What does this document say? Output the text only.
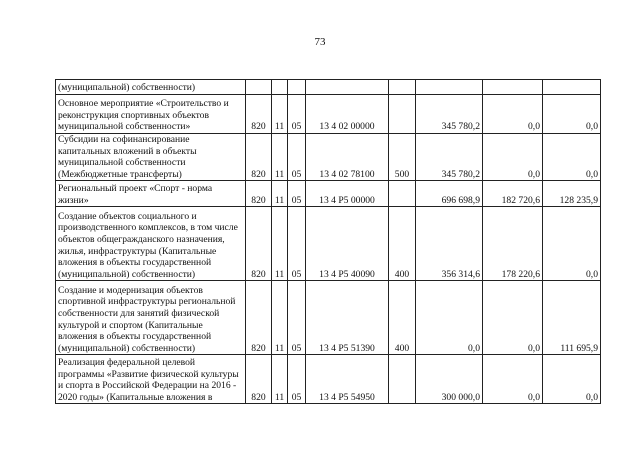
73
(муниципальной) собственности)								
Основное мероприятие «Строительство и реконструкция спортивных объектов муниципальной собственности»	820	11	05	13 4 02 00000		345 780,2	0,0	0,0
Субсидии на софинансирование капитальных вложений в объекты муниципальной собственности (Межбюджетные трансферты)	820	11	05	13 4 02 78100	500	345 780,2	0,0	0,0
Региональный проект «Спорт - норма жизни»	820	11	05	13 4 P5 00000		696 698,9	182 720,6	128 235,9
Создание объектов социального и производственного комплексов, в том числе объектов общегражданского назначения, жилья, инфраструктуры (Капитальные вложения в объекты государственной (муниципальной) собственности)	820	11	05	13 4 P5 40090	400	356 314,6	178 220,6	0,0
Создание и модернизация объектов спортивной инфраструктуры региональной собственности для занятий физической культурой и спортом (Капитальные вложения в объекты государственной (муниципальной) собственности)	820	11	05	13 4 P5 51390	400	0,0	0,0	111 695,9
Реализация федеральной целевой программы «Развитие физической культуры и спорта в Российской Федерации на 2016 - 2020 годы» (Капитальные вложения в	820	11	05	13 4 P5 54950		300 000,0	0,0	0,0
